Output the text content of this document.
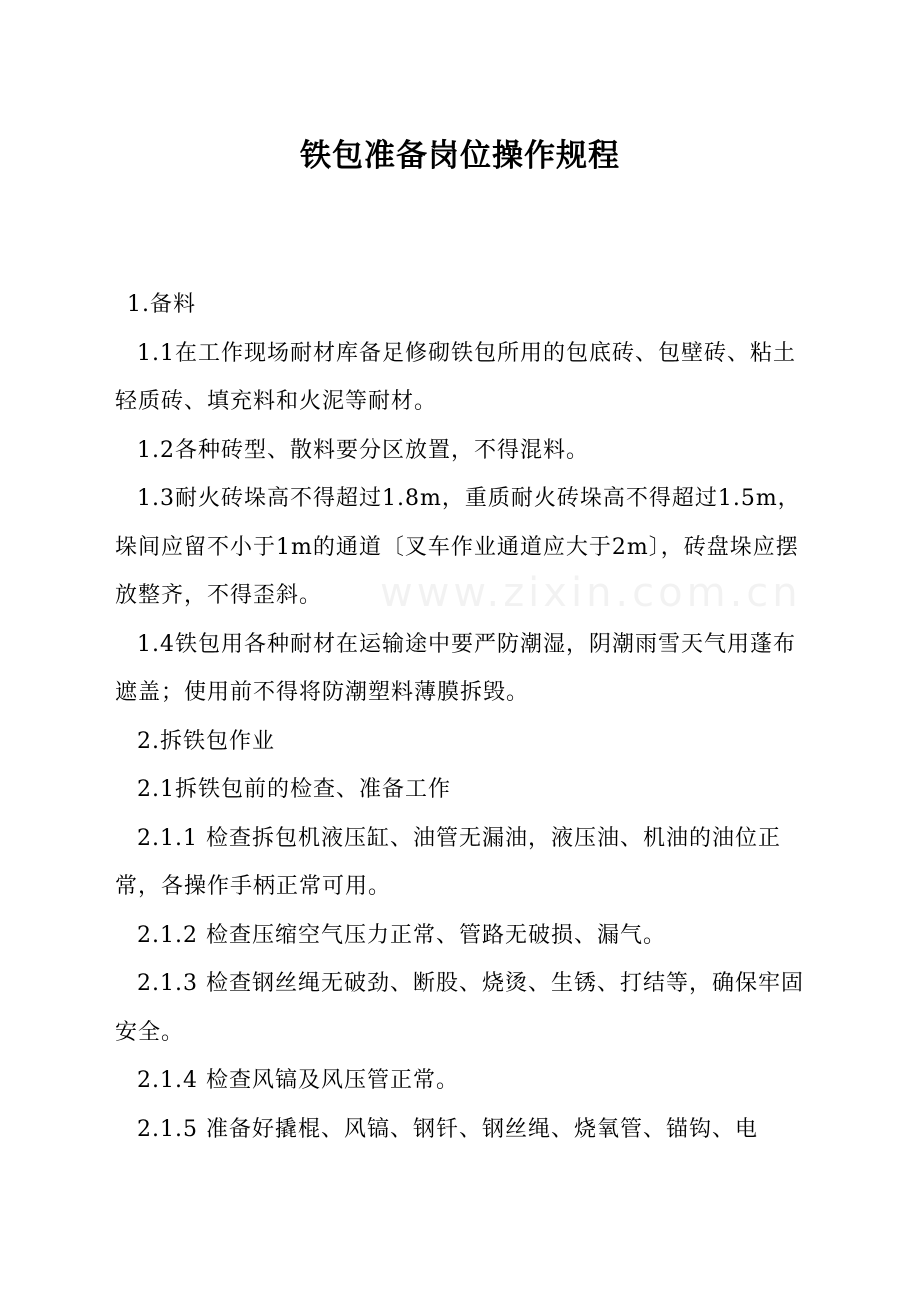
www.zixin.com.cn
铁包准备岗位操作规程

1.备料

1.1在工作现场耐材库备足修砌铁包所用的包底砖、包壁砖、粘土轻质砖、填充料和火泥等耐材。

1.2各种砖型、散料要分区放置，不得混料。

1.3耐火砖垛高不得超过1.8m，重质耐火砖垛高不得超过1.5m，垛间应留不小于1m的通道〔叉车作业通道应大于2m〕，砖盘垛应摆放整齐，不得歪斜。

1.4铁包用各种耐材在运输途中要严防潮湿，阴潮雨雪天气用蓬布遮盖；使用前不得将防潮塑料薄膜拆毁。

2.拆铁包作业

2.1拆铁包前的检查、准备工作

2.1.1 检查拆包机液压缸、油管无漏油，液压油、机油的油位正常，各操作手柄正常可用。

2.1.2 检查压缩空气压力正常、管路无破损、漏气。

2.1.3 检查钢丝绳无破劲、断股、烧烫、生锈、打结等，确保牢固安全。

2.1.4 检查风镐及风压管正常。

2.1.5 准备好撬棍、风镐、钢钎、钢丝绳、烧氧管、锚钩、电
